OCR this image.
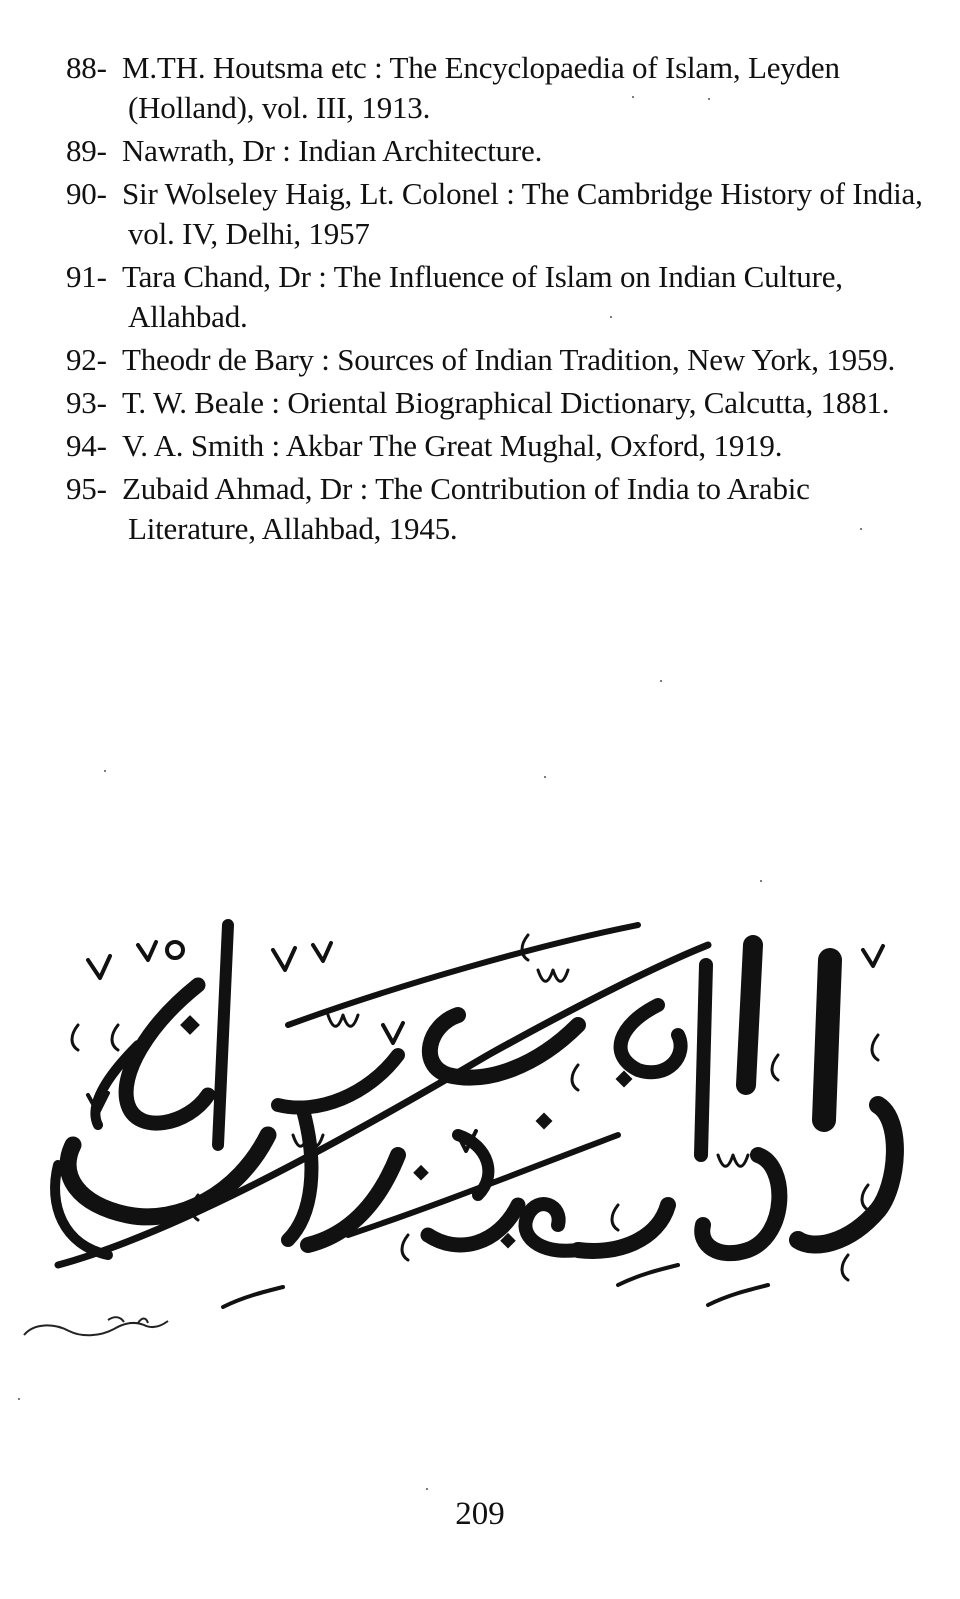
88- M.TH. Houtsma etc : The Encyclopaedia of Islam, Leyden (Holland), vol. III, 1913.
89- Nawrath, Dr : Indian Architecture.
90- Sir Wolseley Haig, Lt. Colonel : The Cambridge History of India, vol. IV, Delhi, 1957
91- Tara Chand, Dr : The Influence of Islam on Indian Culture, Allahbad.
92- Theodr de Bary : Sources of Indian Tradition, New York, 1959.
93- T. W. Beale : Oriental Biographical Dictionary, Calcutta, 1881.
94- V. A. Smith : Akbar The Great Mughal, Oxford, 1919.
95- Zubaid Ahmad, Dr : The Contribution of India to Arabic Literature, Allahbad, 1945.
209
